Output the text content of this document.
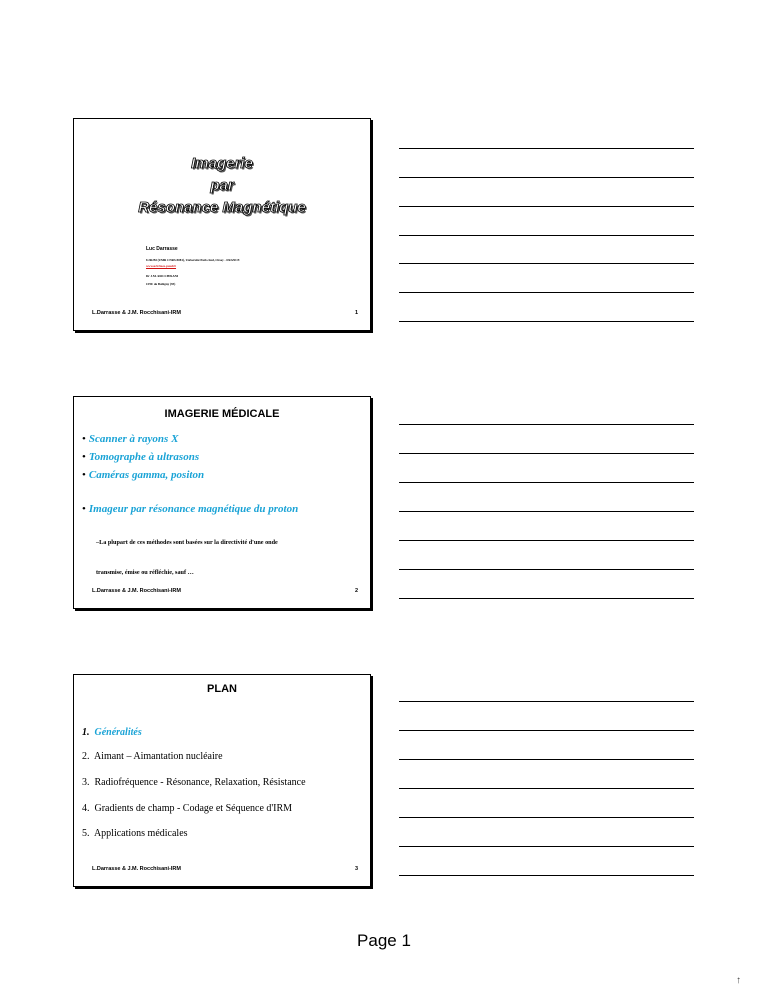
Imagerie
par
Résonance Magnétique
Luc Darrasse
U2R2M (UMR CNRS 8081), Université Paris-Sud, Orsay - FRANCE
www.u2r2m.u-psud.fr
Dr J.M. ROCCHISANI
CHU de Bobigny (93)
L.Darrasse & J.M. Rocchisani-IRM	1
IMAGERIE MÉDICALE
• Scanner à rayons X
• Tomographe à ultrasons
• Caméras gamma, positon
• Imageur par résonance magnétique du proton
–La plupart de ces méthodes sont basées sur la directivité d'une onde
transmise, émise ou réfléchie, sauf …
L.Darrasse & J.M. Rocchisani-IRM	2
PLAN
1. Généralités
2. Aimant – Aimantation nucléaire
3. Radiofréquence - Résonance, Relaxation, Résistance
4. Gradients de champ - Codage et Séquence d'IRM
5. Applications médicales
L.Darrasse & J.M. Rocchisani-IRM	3
Page 1
↑
